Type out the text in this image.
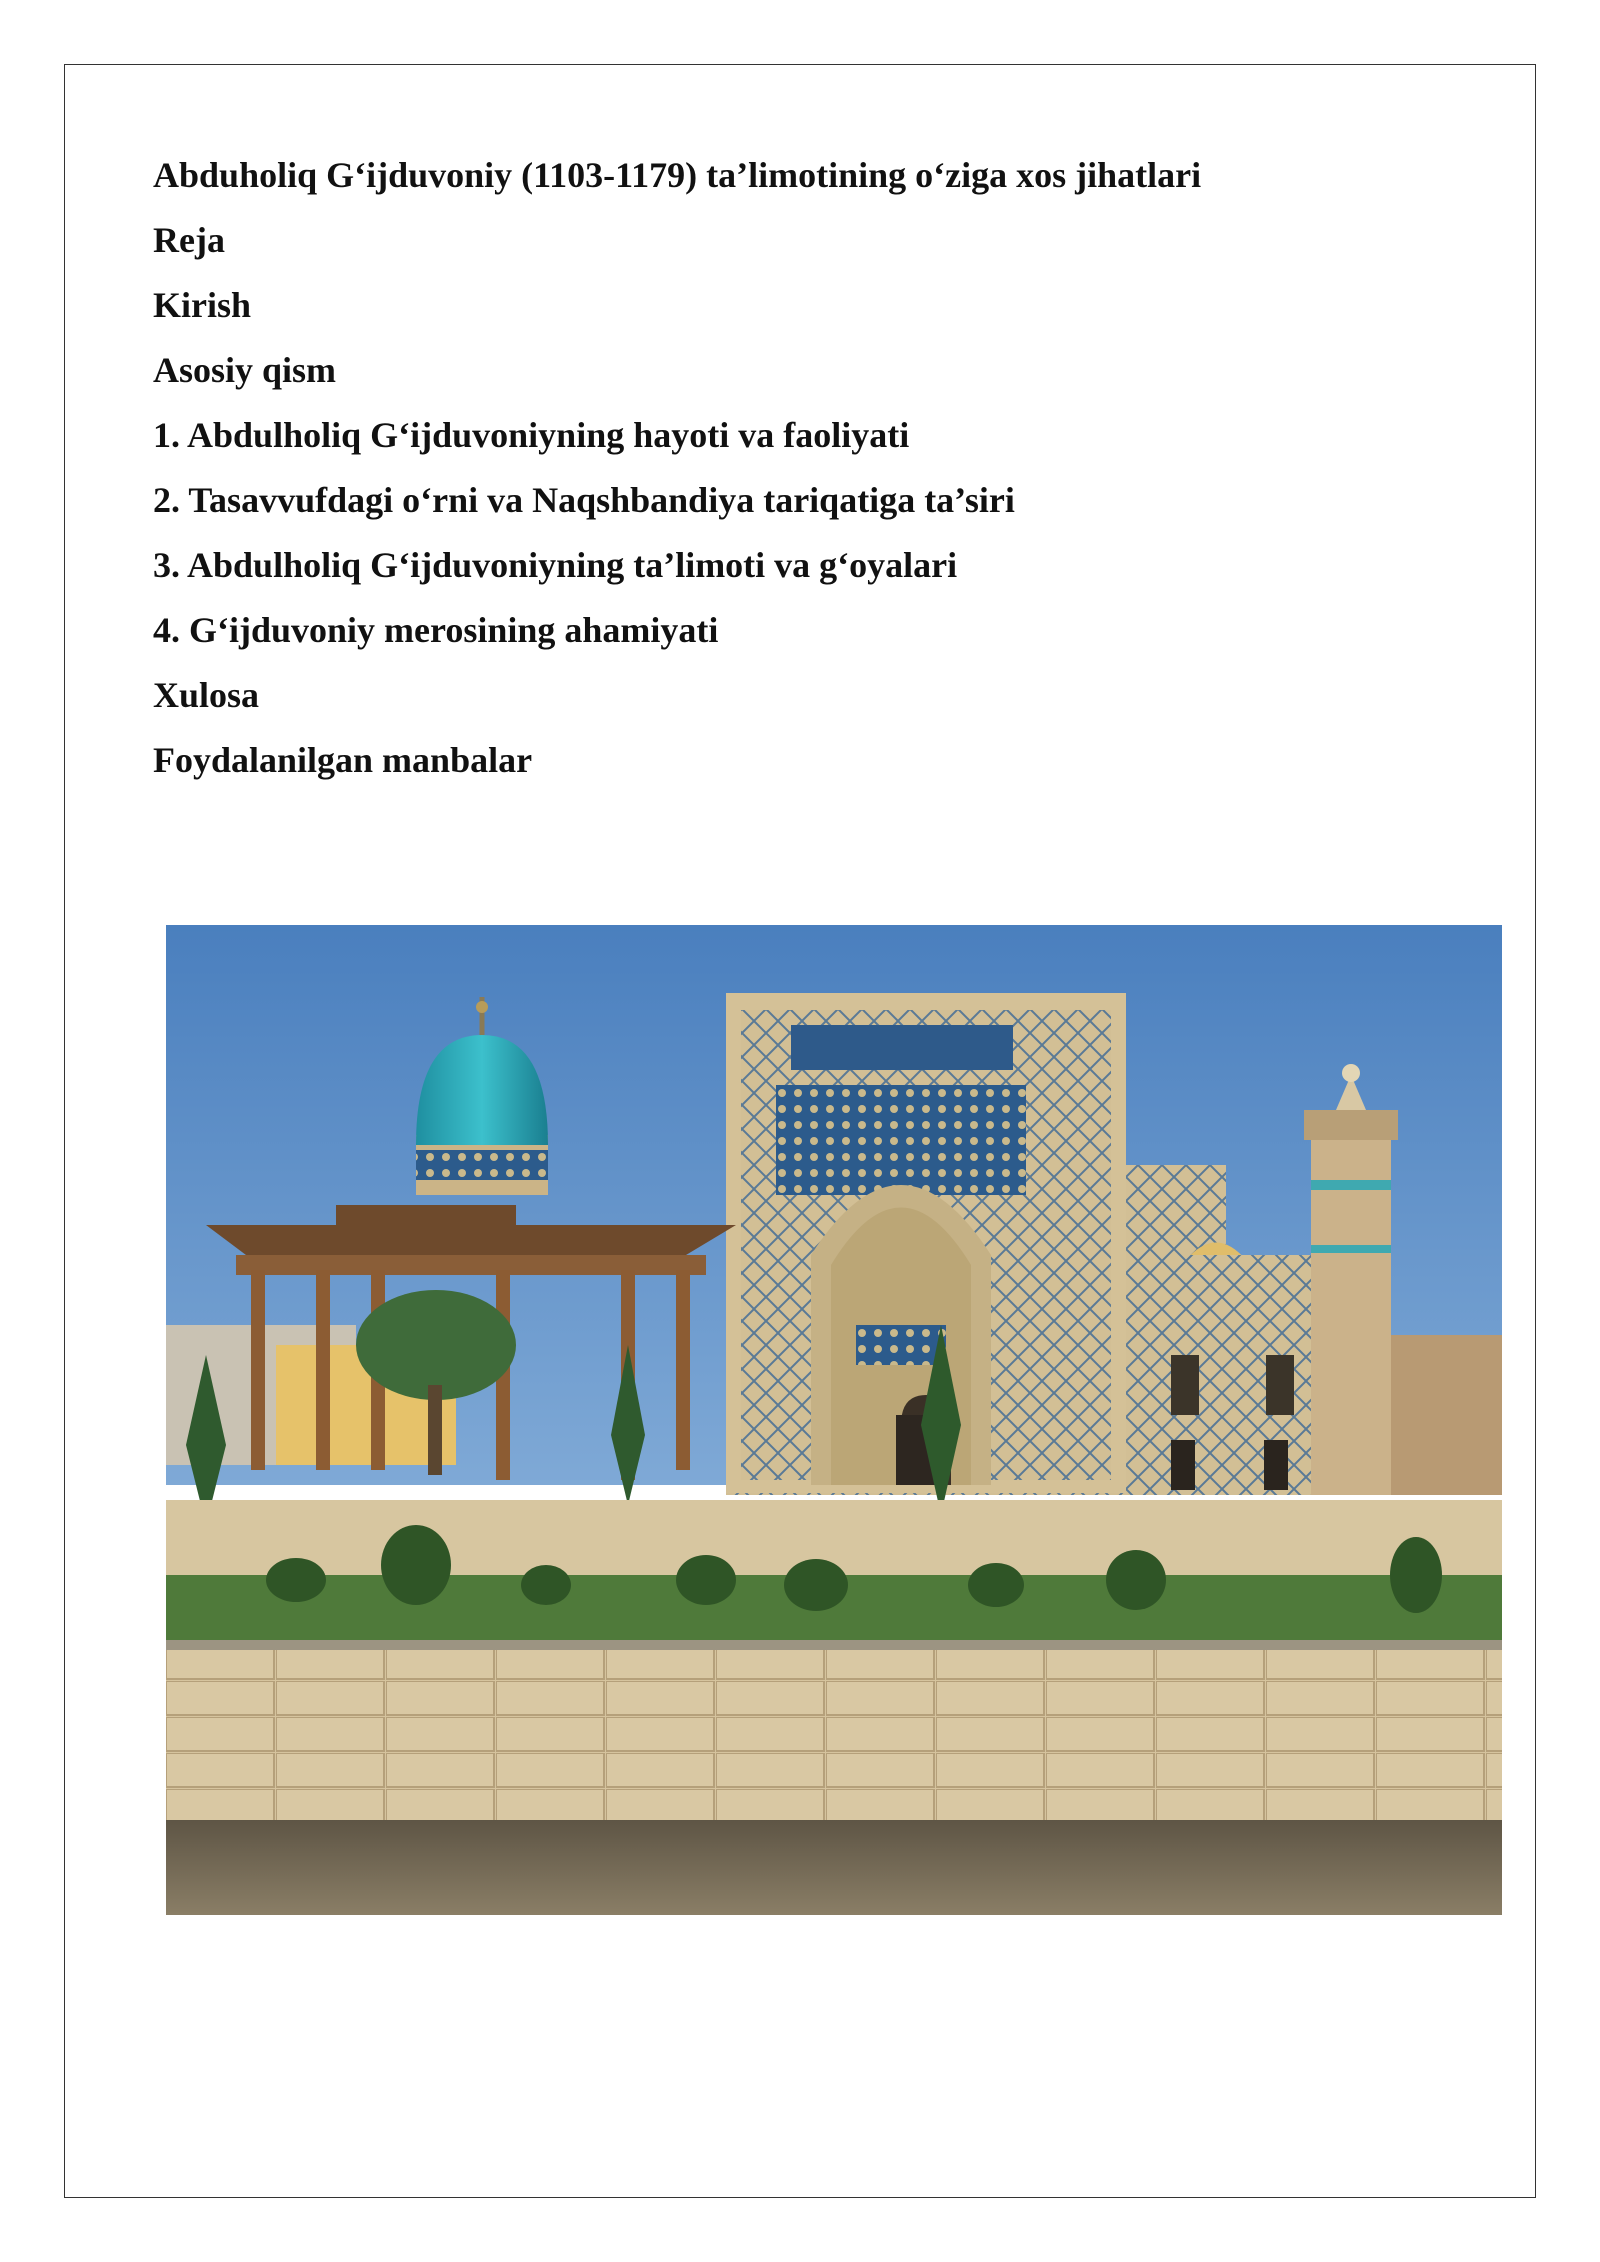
Abduholiq G‘ijduvoniy (1103-1179) ta’limotining o‘ziga xos jihatlari
Reja
Kirish
Asosiy qism
1. Abdulholiq G‘ijduvoniyning hayoti va faoliyati
2. Tasavvufdagi o‘rni va Naqshbandiya tariqatiga ta’siri
3. Abdulholiq G‘ijduvoniyning ta’limoti va g‘oyalari
4. G‘ijduvoniy merosining ahamiyati
Xulosa
Foydalanilgan manbalar
